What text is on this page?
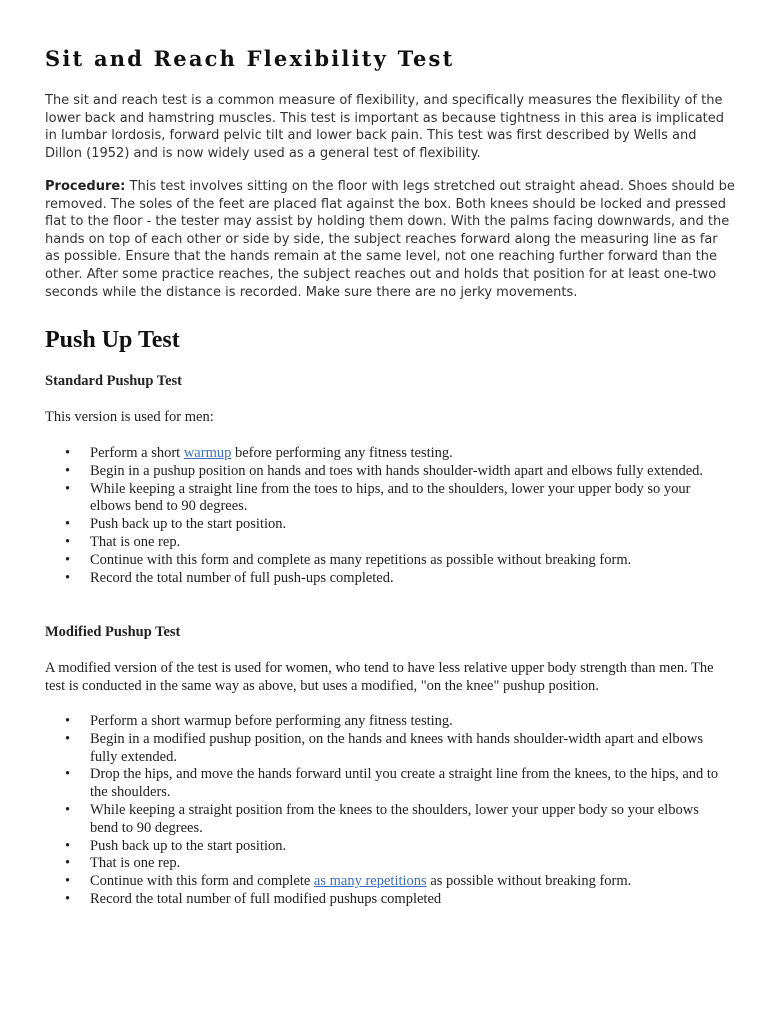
Sit and Reach Flexibility Test

The sit and reach test is a common measure of flexibility, and specifically measures the flexibility of the lower back and hamstring muscles. This test is important as because tightness in this area is implicated in lumbar lordosis, forward pelvic tilt and lower back pain. This test was first described by Wells and Dillon (1952) and is now widely used as a general test of flexibility.

Procedure: This test involves sitting on the floor with legs stretched out straight ahead. Shoes should be removed. The soles of the feet are placed flat against the box. Both knees should be locked and pressed flat to the floor - the tester may assist by holding them down. With the palms facing downwards, and the hands on top of each other or side by side, the subject reaches forward along the measuring line as far as possible. Ensure that the hands remain at the same level, not one reaching further forward than the other. After some practice reaches, the subject reaches out and holds that position for at least one-two seconds while the distance is recorded. Make sure there are no jerky movements.

Push Up Test

Standard Pushup Test

This version is used for men:

• Perform a short warmup before performing any fitness testing.
• Begin in a pushup position on hands and toes with hands shoulder-width apart and elbows fully extended.
• While keeping a straight line from the toes to hips, and to the shoulders, lower your upper body so your elbows bend to 90 degrees.
• Push back up to the start position.
• That is one rep.
• Continue with this form and complete as many repetitions as possible without breaking form.
• Record the total number of full push-ups completed.

Modified Pushup Test

A modified version of the test is used for women, who tend to have less relative upper body strength than men. The test is conducted in the same way as above, but uses a modified, "on the knee" pushup position.

• Perform a short warmup before performing any fitness testing.
• Begin in a modified pushup position, on the hands and knees with hands shoulder-width apart and elbows fully extended.
• Drop the hips, and move the hands forward until you create a straight line from the knees, to the hips, and to the shoulders.
• While keeping a straight position from the knees to the shoulders, lower your upper body so your elbows bend to 90 degrees.
• Push back up to the start position.
• That is one rep.
• Continue with this form and complete as many repetitions as possible without breaking form.
• Record the total number of full modified pushups completed
